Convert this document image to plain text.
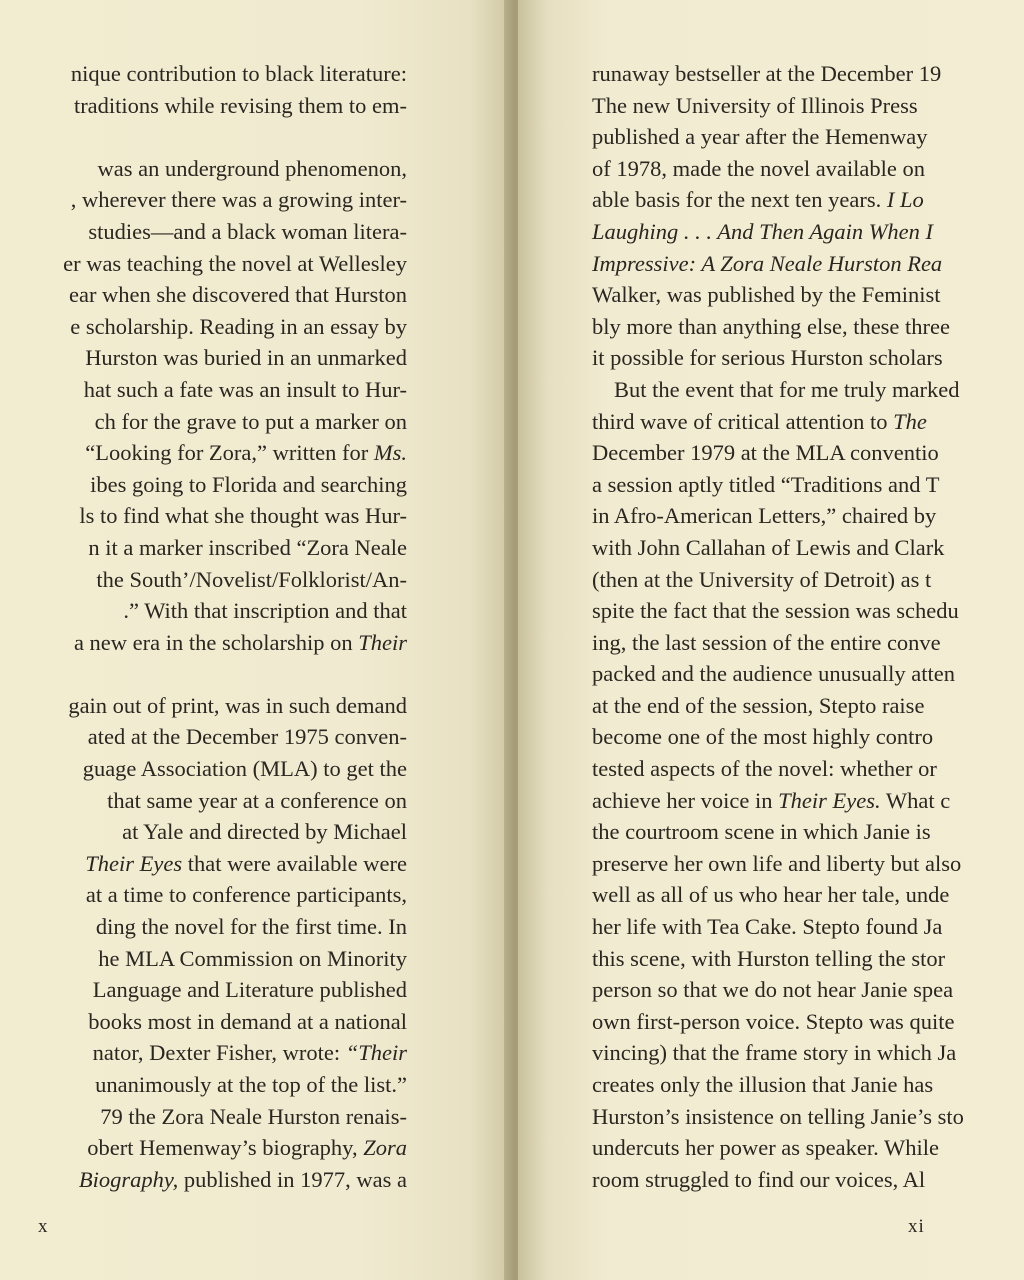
nique contribution to black literature:
traditions while revising them to em-
was an underground phenomenon,
, wherever there was a growing inter-
studies—and a black woman litera-
er was teaching the novel at Wellesley
ear when she discovered that Hurston
e scholarship. Reading in an essay by
Hurston was buried in an unmarked
hat such a fate was an insult to Hur-
ch for the grave to put a marker on
“Looking for Zora,” written for Ms.
ibes going to Florida and searching
ls to find what she thought was Hur-
n it a marker inscribed “Zora Neale
the South’/Novelist/Folklorist/An-
.” With that inscription and that
a new era in the scholarship on Their
gain out of print, was in such demand
ated at the December 1975 conven-
guage Association (MLA) to get the
that same year at a conference on
at Yale and directed by Michael
Their Eyes that were available were
at a time to conference participants,
ding the novel for the first time. In
he MLA Commission on Minority
Language and Literature published
books most in demand at a national
nator, Dexter Fisher, wrote: “Their
unanimously at the top of the list.”
79 the Zora Neale Hurston renais-
obert Hemenway’s biography, Zora
Biography, published in 1977, was a
x
runaway bestseller at the December 19
The new University of Illinois Press
published a year after the Hemenway
of 1978, made the novel available on
able basis for the next ten years. I Lo
Laughing . . . And Then Again When I
Impressive: A Zora Neale Hurston Rea
Walker, was published by the Feminist
bly more than anything else, these three
it possible for serious Hurston scholars
But the event that for me truly marked
third wave of critical attention to The
December 1979 at the MLA conventio
a session aptly titled “Traditions and T
in Afro-American Letters,” chaired by
with John Callahan of Lewis and Clark
(then at the University of Detroit) as t
spite the fact that the session was schedu
ing, the last session of the entire conve
packed and the audience unusually atten
at the end of the session, Stepto raise
become one of the most highly contro
tested aspects of the novel: whether or
achieve her voice in Their Eyes. What c
the courtroom scene in which Janie is
preserve her own life and liberty but also
well as all of us who hear her tale, unde
her life with Tea Cake. Stepto found Ja
this scene, with Hurston telling the stor
person so that we do not hear Janie spea
own first-person voice. Stepto was quite
vincing) that the frame story in which Ja
creates only the illusion that Janie has
Hurston’s insistence on telling Janie’s sto
undercuts her power as speaker. While
room struggled to find our voices, Al
xi
